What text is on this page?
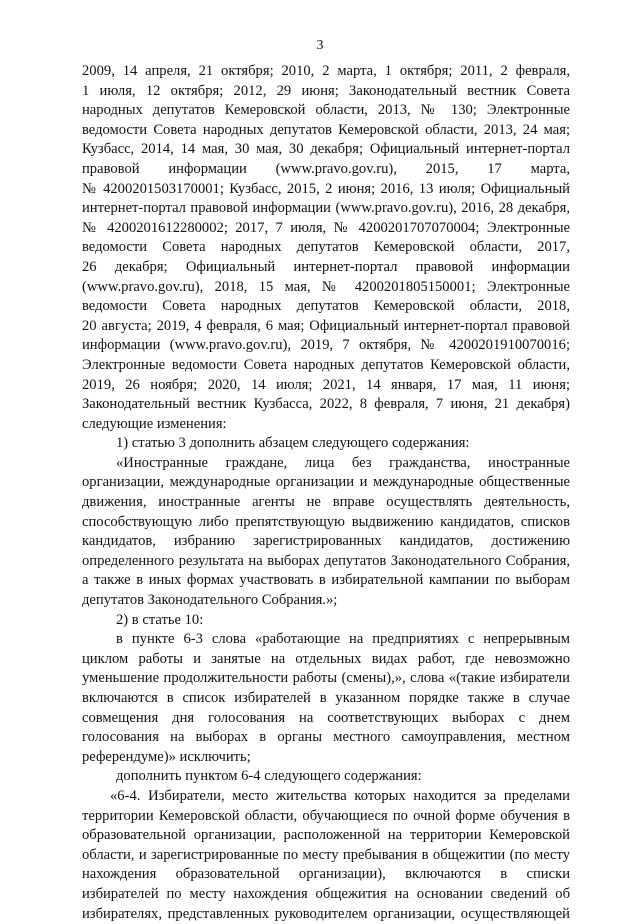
3
2009, 14 апреля, 21 октября; 2010, 2 марта, 1 октября; 2011, 2 февраля,
1 июля, 12 октября; 2012, 29 июня; Законодательный вестник Совета
народных депутатов Кемеровской области, 2013, № 130; Электронные
ведомости Совета народных депутатов Кемеровской области, 2013, 24 мая;
Кузбасс, 2014, 14 мая, 30 мая, 30 декабря; Официальный интернет-портал
правовой информации (www.pravo.gov.ru), 2015, 17 марта,
№ 4200201503170001; Кузбасс, 2015, 2 июня; 2016, 13 июля; Официальный
интернет-портал правовой информации (www.pravo.gov.ru), 2016, 28 декабря,
№ 4200201612280002; 2017, 7 июля, № 4200201707070004; Электронные
ведомости Совета народных депутатов Кемеровской области, 2017,
26 декабря; Официальный интернет-портал правовой информации
(www.pravo.gov.ru), 2018, 15 мая, № 4200201805150001; Электронные
ведомости Совета народных депутатов Кемеровской области, 2018,
20 августа; 2019, 4 февраля, 6 мая; Официальный интернет-портал правовой
информации (www.pravo.gov.ru), 2019, 7 октября, № 4200201910070016;
Электронные ведомости Совета народных депутатов Кемеровской области,
2019, 26 ноября; 2020, 14 июля; 2021, 14 января, 17 мая, 11 июня;
Законодательный вестник Кузбасса, 2022, 8 февраля, 7 июня, 21 декабря)
следующие изменения:
1) статью 3 дополнить абзацем следующего содержания:
«Иностранные граждане, лица без гражданства, иностранные
организации, международные организации и международные общественные
движения, иностранные агенты не вправе осуществлять деятельность,
способствующую либо препятствующую выдвижению кандидатов, списков
кандидатов, избранию зарегистрированных кандидатов, достижению
определенного результата на выборах депутатов Законодательного Собрания,
а также в иных формах участвовать в избирательной кампании по выборам
депутатов Законодательного Собрания.»;
2) в статье 10:
в пункте 6-3 слова «работающие на предприятиях с непрерывным
циклом работы и занятые на отдельных видах работ, где невозможно
уменьшение продолжительности работы (смены),», слова «(такие избиратели
включаются в список избирателей в указанном порядке также в случае
совмещения дня голосования на соответствующих выборах с днем
голосования на выборах в органы местного самоуправления, местном
референдуме)» исключить;
дополнить пунктом 6-4 следующего содержания:
«6-4. Избиратели, место жительства которых находится за пределами
территории Кемеровской области, обучающиеся по очной форме обучения в
образовательной организации, расположенной на территории Кемеровской
области, и зарегистрированные по месту пребывания в общежитии (по месту
нахождения образовательной организации), включаются в списки
избирателей по месту нахождения общежития на основании сведений об
избирателях, представленных руководителем организации, осуществляющей
